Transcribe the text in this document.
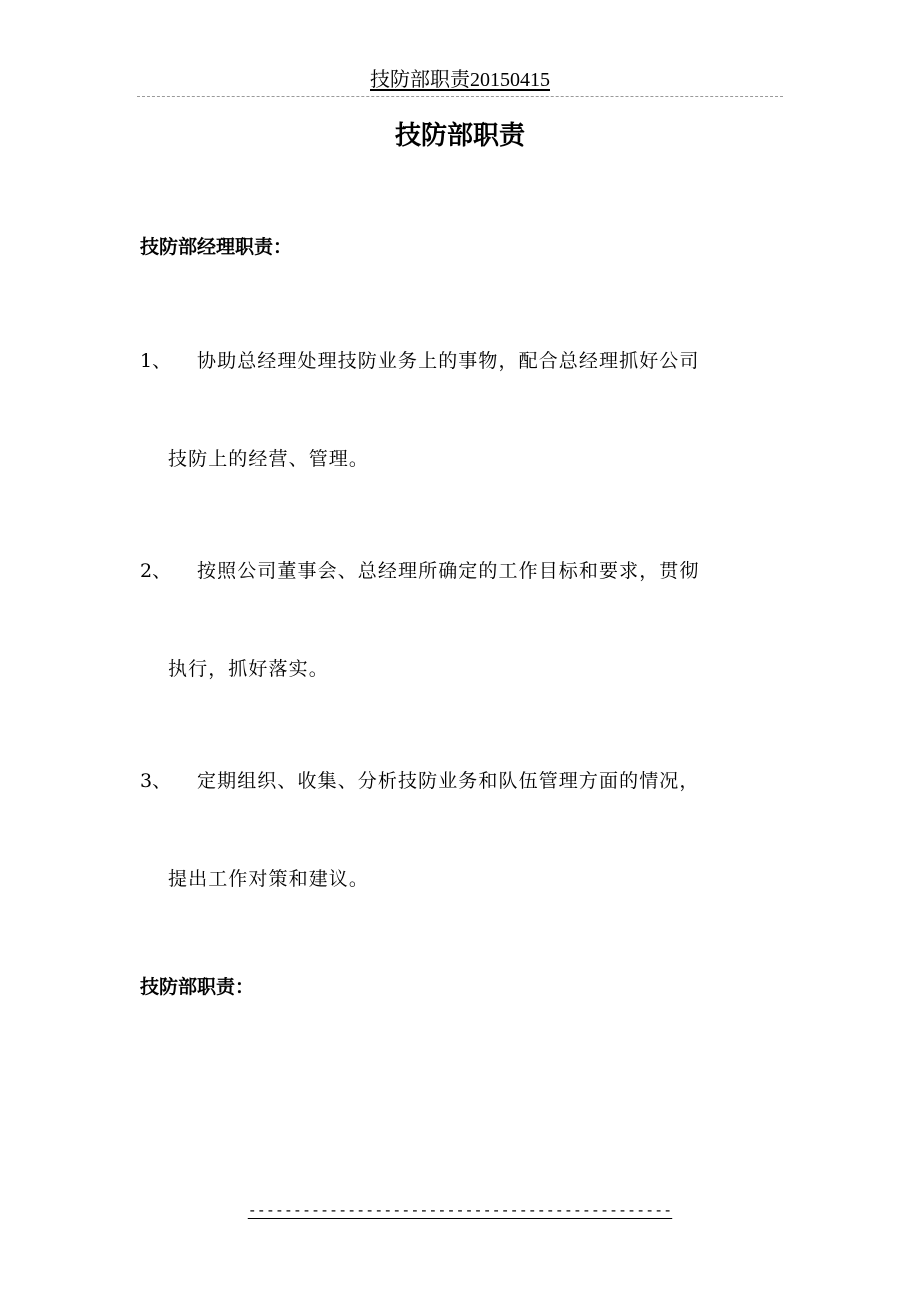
技防部职责20150415
技防部职责
技防部经理职责：
1、 协助总经理处理技防业务上的事物，配合总经理抓好公司

技防上的经营、管理。

2、 按照公司董事会、总经理所确定的工作目标和要求，贯彻

执行，抓好落实。

3、 定期组织、收集、分析技防业务和队伍管理方面的情况，

提出工作对策和建议。

技防部职责：
-----------------------------------------------
